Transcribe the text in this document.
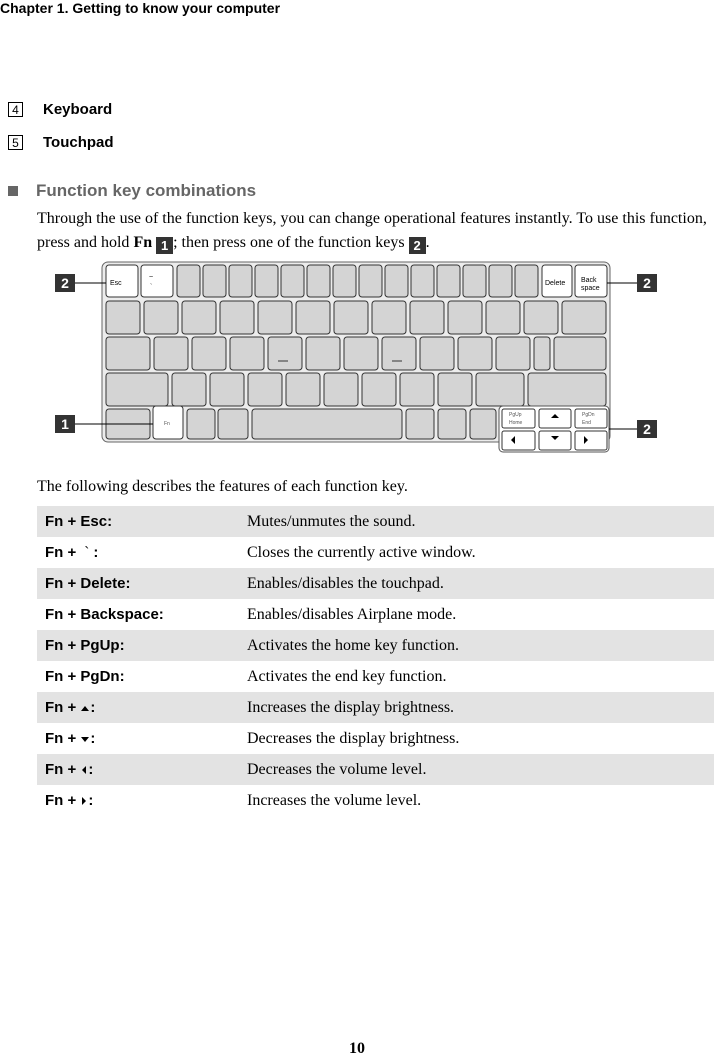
Chapter 1. Getting to know your computer
4 Keyboard
5 Touchpad
Function key combinations
Through the use of the function keys, you can change operational features instantly. To use this function, press and hold Fn 1 ; then press one of the function keys 2 .
Esc
~
`
Delete Back
space
Fn
PgUp
Home
PgDn
End
2	2
1	2
The following describes the features of each function key.
Fn + Esc:	Mutes/unmutes the sound.
Fn + ` :	Closes the currently active window.
Fn + Delete:	Enables/disables the touchpad.
Fn + Backspace:	Enables/disables Airplane mode.
Fn + PgUp:	Activates the home key function.
Fn + PgDn:	Activates the end key function.
Fn + :	Increases the display brightness.
Fn + :	Decreases the display brightness.
Fn + :	Decreases the volume level.
Fn + :	Increases the volume level.
10
